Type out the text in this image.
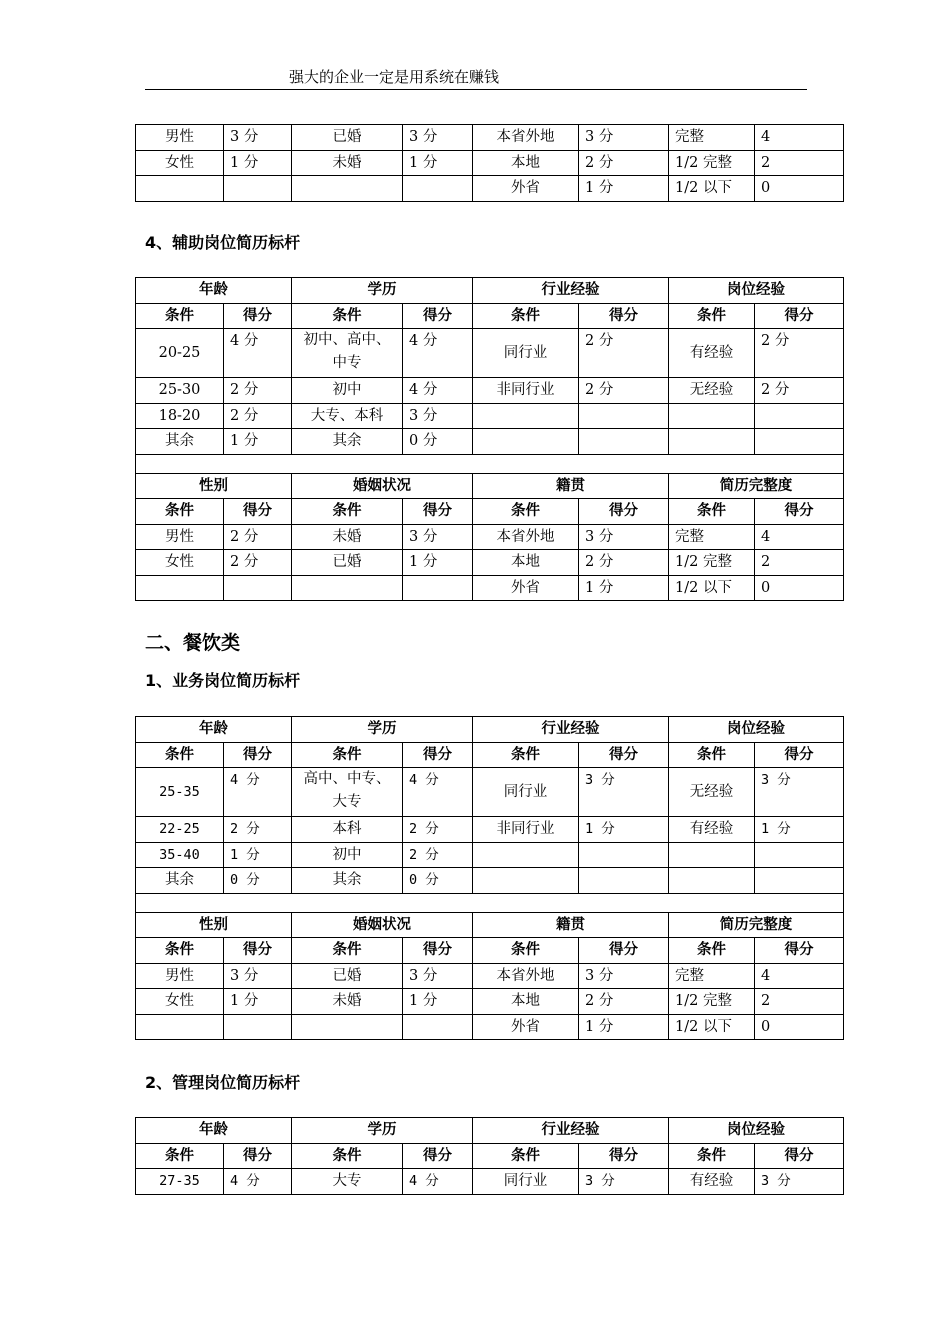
强大的企业一定是用系统在赚钱
男性	3 分	已婚	3 分	本省外地	3 分	完整	4
女性	1 分	未婚	1 分	本地	2 分	1/2 完整	2
				外省	1 分	1/2 以下	0
4、辅助岗位简历标杆
年龄		学历		行业经验		岗位经验	
条件	得分	条件	得分	条件	得分	条件	得分
20-25	4 分	初中、高中、中专	4 分	同行业	2 分	有经验	2 分
25-30	2 分	初中	4 分	非同行业	2 分	无经验	2 分
18-20	2 分	大专、本科	3 分				
其余	1 分	其余	0 分				

性别		婚姻状况		籍贯		简历完整度	
条件	得分	条件	得分	条件	得分	条件	得分
男性	2 分	未婚	3 分	本省外地	3 分	完整	4
女性	2 分	已婚	1 分	本地	2 分	1/2 完整	2
				外省	1 分	1/2 以下	0
二、餐饮类
1、业务岗位简历标杆
年龄		学历		行业经验		岗位经验	
条件	得分	条件	得分	条件	得分	条件	得分
25-35	4 分	高中、中专、大专	4 分	同行业	3 分	无经验	3 分
22-25	2 分	本科	2 分	非同行业	1 分	有经验	1 分
35-40	1 分	初中	2 分				
其余	0 分	其余	0 分				

性别		婚姻状况		籍贯		简历完整度	
条件	得分	条件	得分	条件	得分	条件	得分
男性	3 分	已婚	3 分	本省外地	3 分	完整	4
女性	1 分	未婚	1 分	本地	2 分	1/2 完整	2
				外省	1 分	1/2 以下	0
2、管理岗位简历标杆
年龄		学历		行业经验		岗位经验	
条件	得分	条件	得分	条件	得分	条件	得分
27-35	4 分	大专	4 分	同行业	3 分	有经验	3 分
